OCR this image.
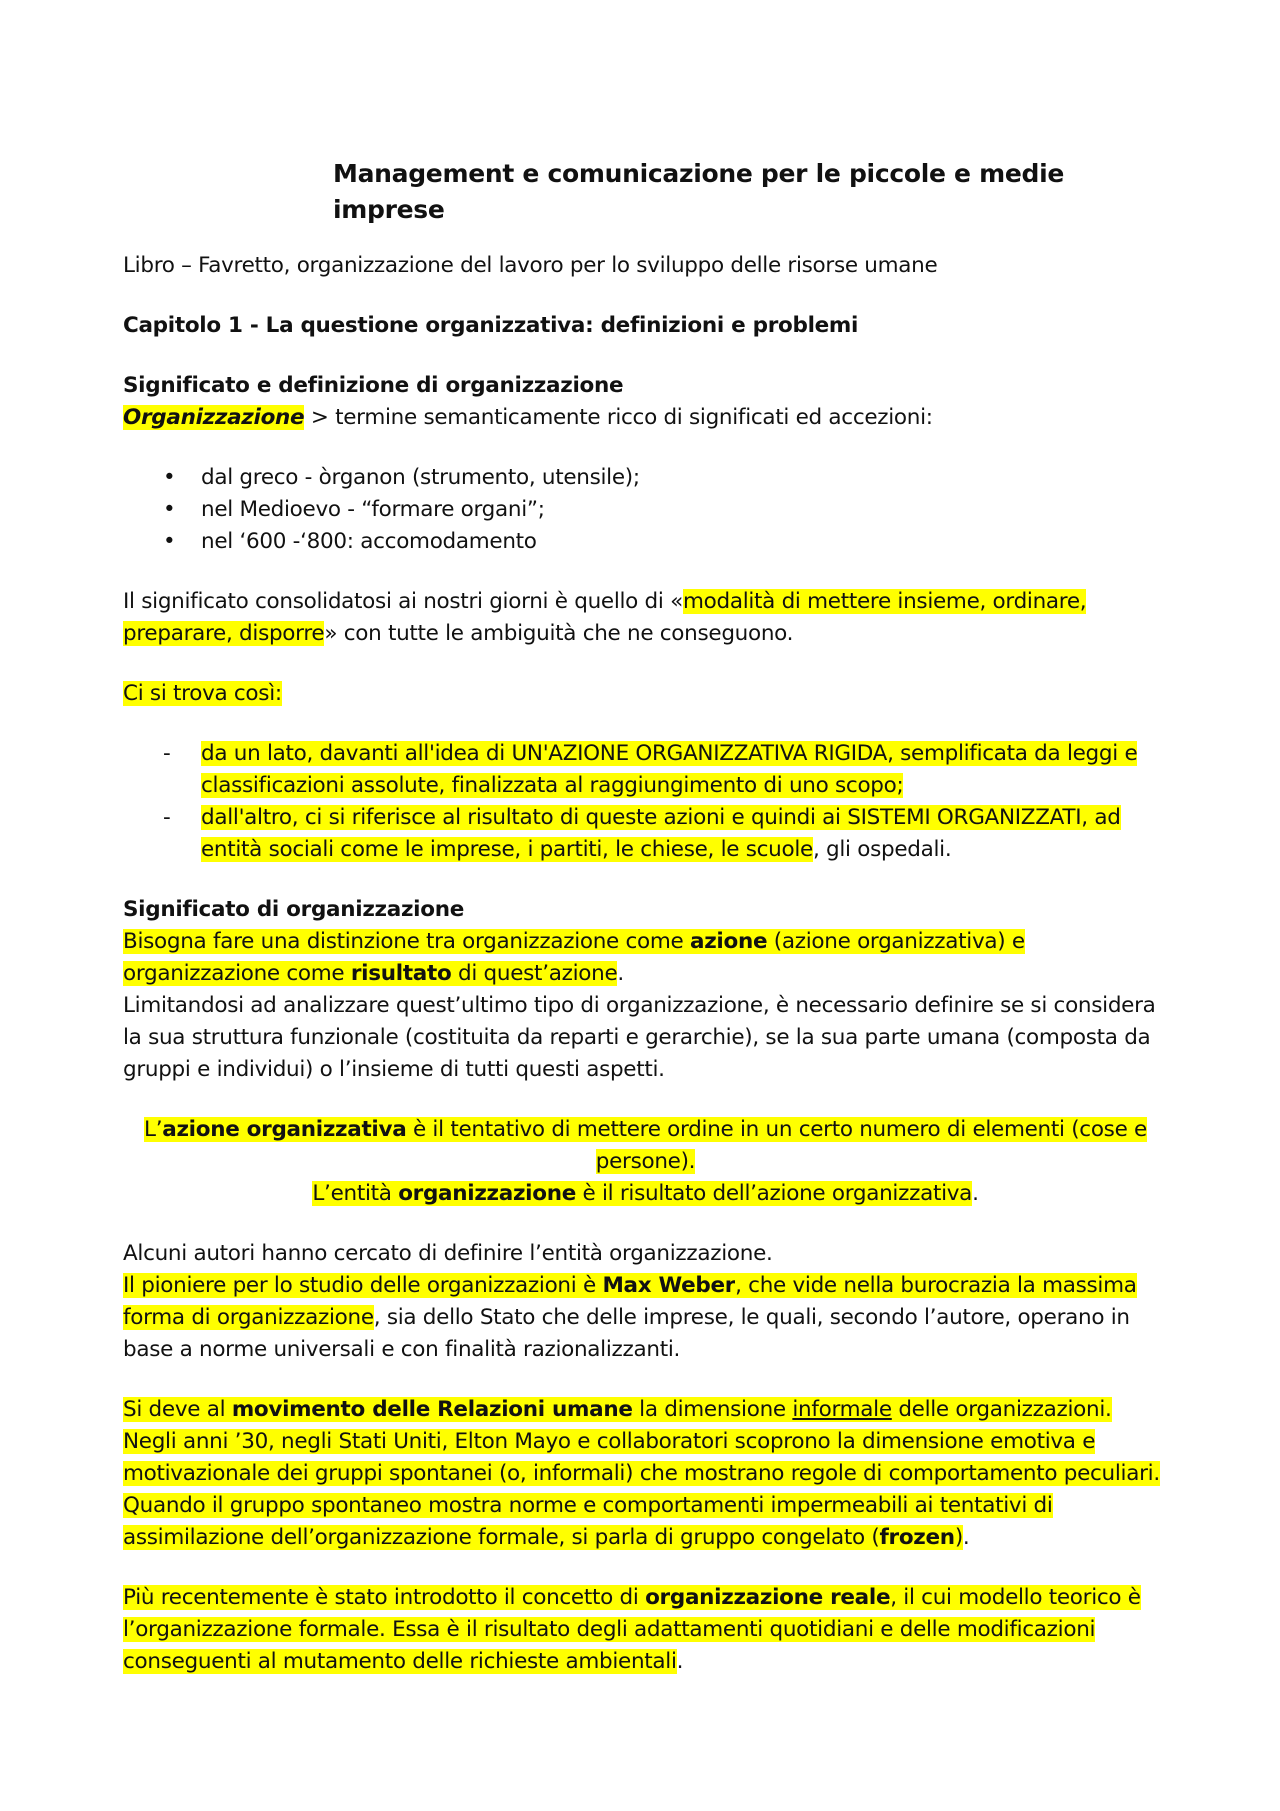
Management e comunicazione per le piccole e medie imprese

Libro – Favretto, organizzazione del lavoro per lo sviluppo delle risorse umane

Capitolo 1 - La questione organizzativa: definizioni e problemi
Significato e definizione di organizzazione

Organizzazione > termine semanticamente ricco di significati ed accezioni:

• dal greco - òrganon (strumento, utensile);
• nel Medioevo - “formare organi”;
• nel ‘600 -‘800: accomodamento

Il significato consolidatosi ai nostri giorni è quello di «modalità di mettere insieme, ordinare, preparare, disporre» con tutte le ambiguità che ne conseguono.

Ci si trova così:

- da un lato, davanti all'idea di UN'AZIONE ORGANIZZATIVA RIGIDA, semplificata da leggi e classificazioni assolute, finalizzata al raggiungimento di uno scopo;
- dall'altro, ci si riferisce al risultato di queste azioni e quindi ai SISTEMI ORGANIZZATI, ad entità sociali come le imprese, i partiti, le chiese, le scuole, gli ospedali.
Significato di organizzazione

Bisogna fare una distinzione tra organizzazione come azione (azione organizzativa) e organizzazione come risultato di quest’azione.

Limitandosi ad analizzare quest’ultimo tipo di organizzazione, è necessario definire se si considera la sua struttura funzionale (costituita da reparti e gerarchie), se la sua parte umana (composta da gruppi e individui) o l’insieme di tutti questi aspetti.

L’azione organizzativa è il tentativo di mettere ordine in un certo numero di elementi (cose e persone).

L’entità organizzazione è il risultato dell’azione organizzativa.

Alcuni autori hanno cercato di definire l’entità organizzazione.

Il pioniere per lo studio delle organizzazioni è Max Weber, che vide nella burocrazia la massima forma di organizzazione, sia dello Stato che delle imprese, le quali, secondo l’autore, operano in base a norme universali e con finalità razionalizzanti.

Si deve al movimento delle Relazioni umane la dimensione informale delle organizzazioni.
Negli anni ’30, negli Stati Uniti, Elton Mayo e collaboratori scoprono la dimensione emotiva e motivazionale dei gruppi spontanei (o, informali) che mostrano regole di comportamento peculiari. Quando il gruppo spontaneo mostra norme e comportamenti impermeabili ai tentativi di assimilazione dell’organizzazione formale, si parla di gruppo congelato (frozen).

Più recentemente è stato introdotto il concetto di organizzazione reale, il cui modello teorico è l’organizzazione formale. Essa è il risultato degli adattamenti quotidiani e delle modificazioni conseguenti al mutamento delle richieste ambientali.
